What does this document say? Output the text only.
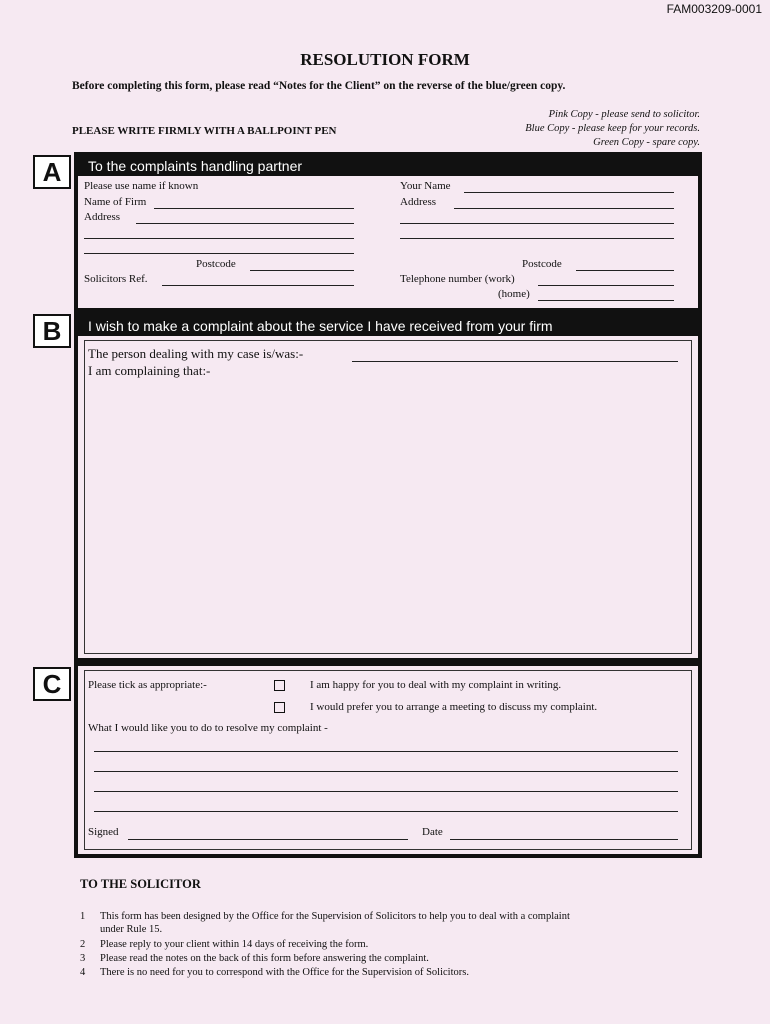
FAM003209-0001
RESOLUTION FORM
Before completing this form, please read “Notes for the Client” on the reverse of the blue/green copy.
PLEASE WRITE FIRMLY WITH A BALLPOINT PEN
Pink Copy - please send to solicitor.
Blue Copy - please keep for your records.
Green Copy - spare copy.
A	To the complaints handling partner
Please use name if known
Name of Firm
Address
Postcode
Solicitors Ref.
Your Name
Address
Postcode
Telephone number (work)
(home)
B	I wish to make a complaint about the service I have received from your firm
The person dealing with my case is/was:-
I am complaining that:-
C	Please tick as appropriate:-	I am happy for you to deal with my complaint in writing.
I would prefer you to arrange a meeting to discuss my complaint.
What I would like you to do to resolve my complaint -
Signed	Date
TO THE SOLICITOR
1 This form has been designed by the Office for the Supervision of Solicitors to help you to deal with a complaint
under Rule 15.
2 Please reply to your client within 14 days of receiving the form.
3 Please read the notes on the back of this form before answering the complaint.
4 There is no need for you to correspond with the Office for the Supervision of Solicitors.
